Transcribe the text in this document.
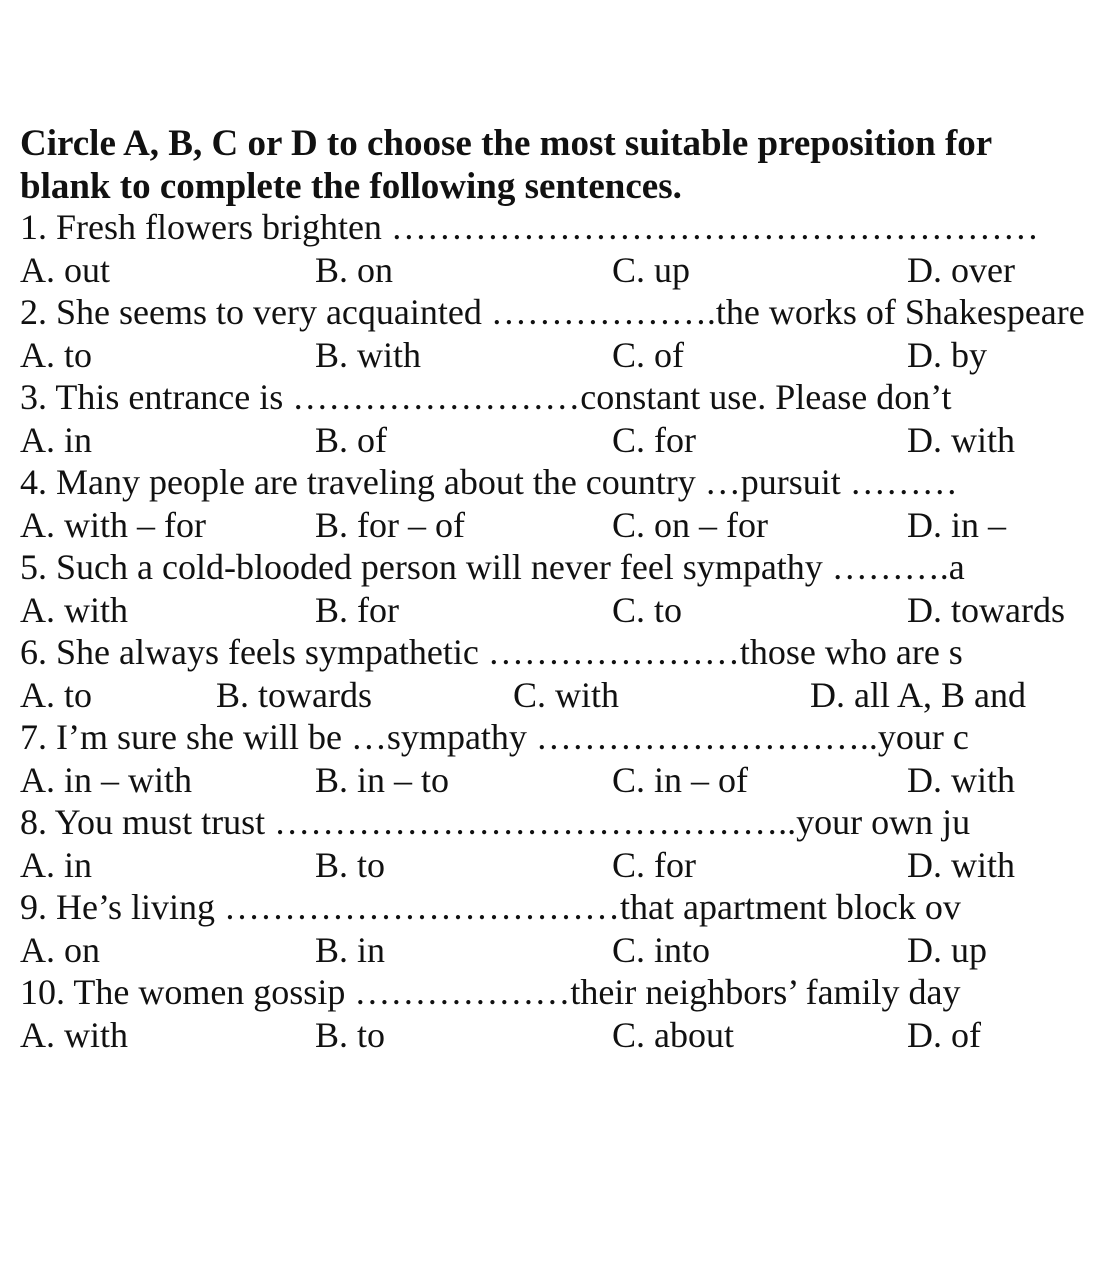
Circle A, B, C or D to choose the most suitable preposition for
blank to complete the following sentences.
1. Fresh flowers brighten ………………………………………………
A. out	B. on	C. up	D. over
2. She seems to very acquainted ……………….the works of Shakespeare
A. to	B. with	C. of	D. by
3. This entrance is ……………………constant use. Please don’t
A. in	B. of	C. for	D. with
4. Many people are traveling about the country …pursuit ………
A. with – for	B. for – of	C. on – for	D. in –
5. Such a cold-blooded person will never feel sympathy ……….a
A. with	B. for	C. to	D. towards
6. She always feels sympathetic …………………those who are s
A. to	B. towards	C. with	D. all A, B and
7. I’m sure she will be …sympathy ………………………..your c
A. in – with	B. in – to	C. in – of	D. with
8. You must trust ……………………………………..your own ju
A. in	B. to	C. for	D. with
9. He’s living ……………………………that apartment block ov
A. on	B. in	C. into	D. up
10. The women gossip ………………their neighbors’ family day
A. with	B. to	C. about	D. of
